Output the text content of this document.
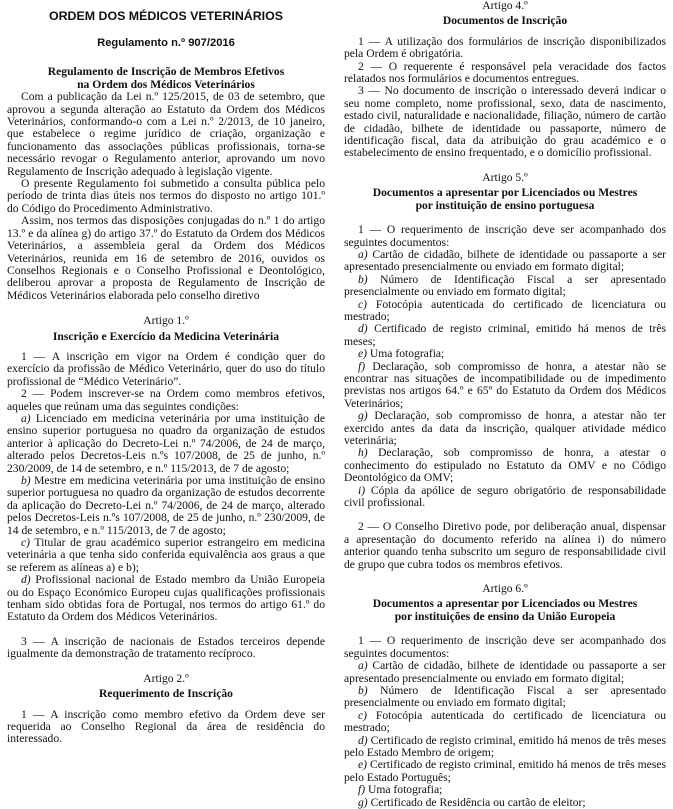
ORDEM DOS MÉDICOS VETERINÁRIOS
Regulamento n.º 907/2016
Regulamento de Inscrição de Membros Efetivos
na Ordem dos Médicos Veterinários

Com a publicação da Lei n.º 125/2015, de 03 de setembro, que aprovou a segunda alteração ao Estatuto da Ordem dos Médicos Veterinários, conformando-o com a Lei n.º 2/2013, de 10 janeiro, que estabelece o regime jurídico de criação, organização e funcionamento das associações públicas profissionais, torna-se necessário revogar o Regulamento anterior, aprovando um novo Regulamento de Inscrição adequado à legislação vigente.

O presente Regulamento foi submetido a consulta pública pelo período de trinta dias úteis nos termos do disposto no artigo 101.º do Código do Procedimento Administrativo.

Assim, nos termos das disposições conjugadas do n.º 1 do artigo 13.º e da alínea g) do artigo 37.º do Estatuto da Ordem dos Médicos Veterinários, a assembleia geral da Ordem dos Médicos Veterinários, reunida em 16 de setembro de 2016, ouvidos os Conselhos Regionais e o Conselho Profissional e Deontológico, deliberou aprovar a proposta de Regulamento de Inscrição de Médicos Veterinários elaborada pelo conselho diretivo

Artigo 1.º

Inscrição e Exercício da Medicina Veterinária

1 — A inscrição em vigor na Ordem é condição quer do exercício da profissão de Médico Veterinário, quer do uso do título profissional de “Médico Veterinário”.

2 — Podem inscrever-se na Ordem como membros efetivos, aqueles que reúnam uma das seguintes condições:

a) Licenciado em medicina veterinária por uma instituição de ensino superior portuguesa no quadro da organização de estudos anterior à aplicação do Decreto-Lei n.º 74/2006, de 24 de março, alterado pelos Decretos-Leis n.ºs 107/2008, de 25 de junho, n.º 230/2009, de 14 de setembro, e n.º 115/2013, de 7 de agosto;

b) Mestre em medicina veterinária por uma instituição de ensino superior portuguesa no quadro da organização de estudos decorrente da aplicação do Decreto-Lei n.º 74/2006, de 24 de março, alterado pelos Decretos-Leis n.ºs 107/2008, de 25 de junho, n.º 230/2009, de 14 de setembro, e n.º 115/2013, de 7 de agosto;

c) Titular de grau académico superior estrangeiro em medicina veterinária a que tenha sido conferida equivalência aos graus a que se referem as alíneas a) e b);

d) Profissional nacional de Estado membro da União Europeia ou do Espaço Económico Europeu cujas qualificações profissionais tenham sido obtidas fora de Portugal, nos termos do artigo 61.º do Estatuto da Ordem dos Médicos Veterinários.

3 — A inscrição de nacionais de Estados terceiros depende igualmente da demonstração de tratamento recíproco.

Artigo 2.º

Requerimento de Inscrição

1 — A inscrição como membro efetivo da Ordem deve ser requerida ao Conselho Regional da área de residência do interessado.

Artigo 4.º

Documentos de Inscrição

1 — A utilização dos formulários de inscrição disponibilizados pela Ordem é obrigatória.

2 — O requerente é responsável pela veracidade dos factos relatados nos formulários e documentos entregues.

3 — No documento de inscrição o interessado deverá indicar o seu nome completo, nome profissional, sexo, data de nascimento, estado civil, naturalidade e nacionalidade, filiação, número de cartão de cidadão, bilhete de identidade ou passaporte, número de identificação fiscal, data da atribuição do grau académico e o estabelecimento de ensino frequentado, e o domicílio profissional.

Artigo 5.º

Documentos a apresentar por Licenciados ou Mestres
por instituição de ensino portuguesa

1 — O requerimento de inscrição deve ser acompanhado dos seguintes documentos:

a) Cartão de cidadão, bilhete de identidade ou passaporte a ser apresentado presencialmente ou enviado em formato digital;

b) Número de Identificação Fiscal a ser apresentado presencialmente ou enviado em formato digital;

c) Fotocópia autenticada do certificado de licenciatura ou mestrado;

d) Certificado de registo criminal, emitido há menos de três meses;

e) Uma fotografia;

f) Declaração, sob compromisso de honra, a atestar não se encontrar nas situações de incompatibilidade ou de impedimento previstas nos artigos 64.º e 65º do Estatuto da Ordem dos Médicos Veterinários;

g) Declaração, sob compromisso de honra, a atestar não ter exercido antes da data da inscrição, qualquer atividade médico veterinária;

h) Declaração, sob compromisso de honra, a atestar o conhecimento do estipulado no Estatuto da OMV e no Código Deontológico da OMV;

i) Cópia da apólice de seguro obrigatório de responsabilidade civil profissional.

2 — O Conselho Diretivo pode, por deliberação anual, dispensar a apresentação do documento referido na alínea i) do número anterior quando tenha subscrito um seguro de responsabilidade civil de grupo que cubra todos os membros efetivos.

Artigo 6.º

Documentos a apresentar por Licenciados ou Mestres
por instituições de ensino da União Europeia

1 — O requerimento de inscrição deve ser acompanhado dos seguintes documentos:

a) Cartão de cidadão, bilhete de identidade ou passaporte a ser apresentado presencialmente ou enviado em formato digital;

b) Número de Identificação Fiscal a ser apresentado presencialmente ou enviado em formato digital;

c) Fotocópia autenticada do certificado de licenciatura ou mestrado;

d) Certificado de registo criminal, emitido há menos de três meses pelo Estado Membro de origem;

e) Certificado de registo criminal, emitido há menos de três meses pelo Estado Português;

f) Uma fotografia;

g) Certificado de Residência ou cartão de eleitor;
